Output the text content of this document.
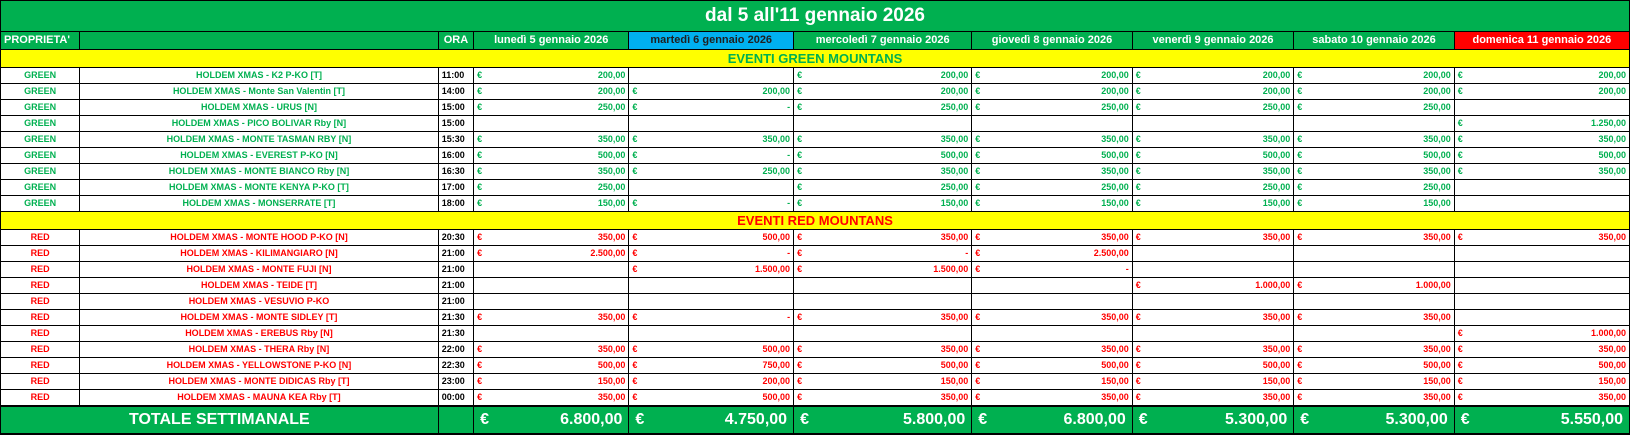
dal 5 all'11 gennaio 2026									
PROPRIETA'		ORA	lunedì 5 gennaio 2026	martedì 6 gennaio 2026	mercoledì 7 gennaio 2026	giovedì 8 gennaio 2026	venerdì 9 gennaio 2026	sabato 10 gennaio 2026	domenica 11 gennaio 2026
EVENTI GREEN MOUNTANS									
GREEN	HOLDEM XMAS - K2 P-KO [T]	11:00	€ 200,00		€ 200,00	€ 200,00	€ 200,00	€ 200,00	€ 200,00
GREEN	HOLDEM XMAS - Monte San Valentin [T]	14:00	€ 200,00	€ 200,00	€ 200,00	€ 200,00	€ 200,00	€ 200,00	€ 200,00
GREEN	HOLDEM XMAS - URUS [N]	15:00	€ 250,00	€ -	€ 250,00	€ 250,00	€ 250,00	€ 250,00	
GREEN	HOLDEM XMAS - PICO BOLIVAR Rby [N]	15:00							€ 1.250,00
GREEN	HOLDEM XMAS - MONTE TASMAN RBY [N]	15:30	€ 350,00	€ 350,00	€ 350,00	€ 350,00	€ 350,00	€ 350,00	€ 350,00
GREEN	HOLDEM XMAS - EVEREST P-KO [N]	16:00	€ 500,00	€ -	€ 500,00	€ 500,00	€ 500,00	€ 500,00	€ 500,00
GREEN	HOLDEM XMAS - MONTE BIANCO Rby [N]	16:30	€ 350,00	€ 250,00	€ 350,00	€ 350,00	€ 350,00	€ 350,00	€ 350,00
GREEN	HOLDEM XMAS - MONTE KENYA P-KO [T]	17:00	€ 250,00		€ 250,00	€ 250,00	€ 250,00	€ 250,00	
GREEN	HOLDEM XMAS - MONSERRATE [T]	18:00	€ 150,00	€ -	€ 150,00	€ 150,00	€ 150,00	€ 150,00	
EVENTI RED MOUNTANS									
RED	HOLDEM XMAS - MONTE HOOD P-KO [N]	20:30	€ 350,00	€ 500,00	€ 350,00	€ 350,00	€ 350,00	€ 350,00	€ 350,00
RED	HOLDEM XMAS - KILIMANGIARO [N]	21:00	€ 2.500,00	€ -	€ -	€ 2.500,00			
RED	HOLDEM XMAS - MONTE FUJI [N]	21:00		€ 1.500,00	€ 1.500,00	€ -			
RED	HOLDEM XMAS - TEIDE [T]	21:00					€ 1.000,00	€ 1.000,00	
RED	HOLDEM XMAS - VESUVIO P-KO	21:00							
RED	HOLDEM XMAS - MONTE SIDLEY [T]	21:30	€ 350,00	€ -	€ 350,00	€ 350,00	€ 350,00	€ 350,00	
RED	HOLDEM XMAS - EREBUS Rby [N]	21:30							€ 1.000,00
RED	HOLDEM XMAS - THERA Rby [N]	22:00	€ 350,00	€ 500,00	€ 350,00	€ 350,00	€ 350,00	€ 350,00	€ 350,00
RED	HOLDEM XMAS - YELLOWSTONE P-KO [N]	22:30	€ 500,00	€ 750,00	€ 500,00	€ 500,00	€ 500,00	€ 500,00	€ 500,00
RED	HOLDEM XMAS - MONTE DIDICAS Rby [T]	23:00	€ 150,00	€ 200,00	€ 150,00	€ 150,00	€ 150,00	€ 150,00	€ 150,00
RED	HOLDEM XMAS - MAUNA KEA Rby [T]	00:00	€ 350,00	€ 500,00	€ 350,00	€ 350,00	€ 350,00	€ 350,00	€ 350,00
TOTALE SETTIMANALE			€ 6.800,00	€ 4.750,00	€ 5.800,00	€ 6.800,00	€ 5.300,00	€ 5.300,00	€ 5.550,00
